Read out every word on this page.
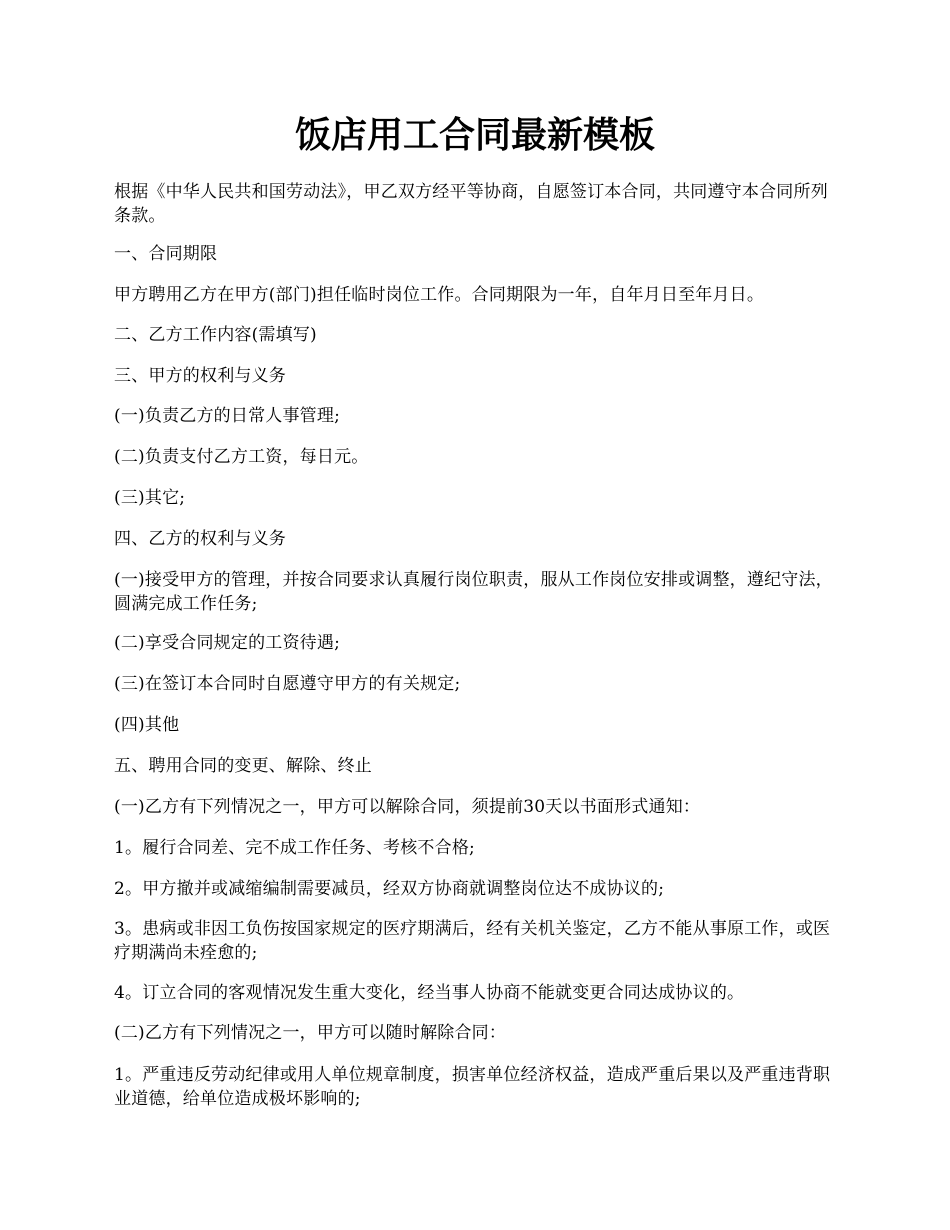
饭店用工合同最新模板

根据《中华人民共和国劳动法》，甲乙双方经平等协商，自愿签订本合同，共同遵守本合同所列条款。

一、合同期限

甲方聘用乙方在甲方(部门)担任临时岗位工作。合同期限为一年，自年月日至年月日。

二、乙方工作内容(需填写)

三、甲方的权利与义务

(一)负责乙方的日常人事管理;

(二)负责支付乙方工资，每日元。

(三)其它;

四、乙方的权利与义务

(一)接受甲方的管理，并按合同要求认真履行岗位职责，服从工作岗位安排或调整，遵纪守法，圆满完成工作任务;

(二)享受合同规定的工资待遇;

(三)在签订本合同时自愿遵守甲方的有关规定;

(四)其他

五、聘用合同的变更、解除、终止

(一)乙方有下列情况之一，甲方可以解除合同，须提前30天以书面形式通知：

1。履行合同差、完不成工作任务、考核不合格;

2。甲方撤并或减缩编制需要减员，经双方协商就调整岗位达不成协议的;

3。患病或非因工负伤按国家规定的医疗期满后，经有关机关鉴定，乙方不能从事原工作，或医疗期满尚未痊愈的;

4。订立合同的客观情况发生重大变化，经当事人协商不能就变更合同达成协议的。

(二)乙方有下列情况之一，甲方可以随时解除合同：

1。严重违反劳动纪律或用人单位规章制度，损害单位经济权益，造成严重后果以及严重违背职业道德，给单位造成极坏影响的;
